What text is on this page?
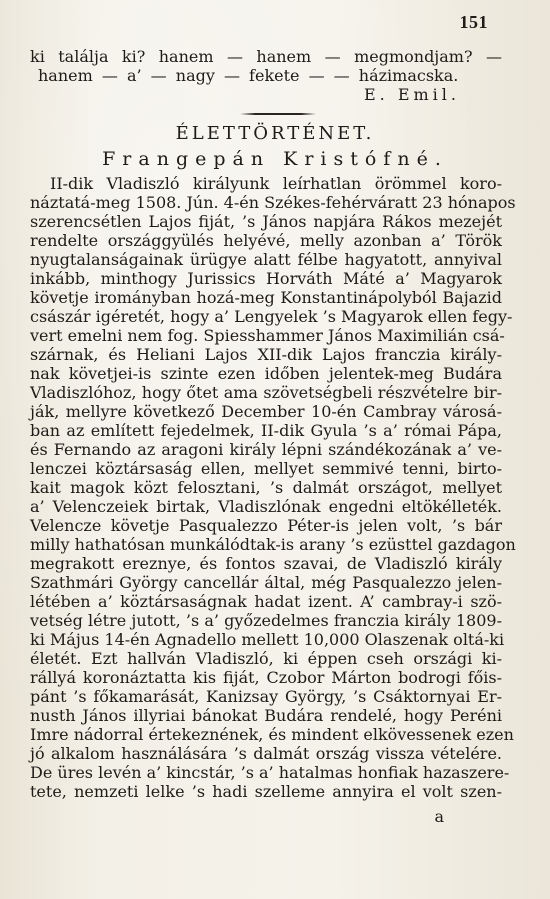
151
ki találja ki? hanem — hanem — megmondjam? —
hanem — a’ — nagy — fekete — — házimacska.
E. Emil.
ÉLETTÖRTÉNET.
Frangepán Kristófné.
II-dik Vladiszló királyunk leírhatlan örömmel koro-
náztatá-meg 1508. Jún. 4-én Székes-fehérváratt 23 hónapos
szerencsétlen Lajos fiját, ’s János napjára Rákos mezejét
rendelte országgyülés helyévé, melly azonban a’ Török
nyugtalanságainak ürügye alatt félbe hagyatott, annyival
inkább, minthogy Jurissics Horváth Máté a’ Magyarok
követje irományban hozá-meg Konstantinápolyból Bajazid
császár igéretét, hogy a’ Lengyelek ’s Magyarok ellen fegy-
vert emelni nem fog. Spiesshammer János Maximilián csá-
szárnak, és Heliani Lajos XII-dik Lajos franczia király-
nak követjei-is szinte ezen időben jelentek-meg Budára
Vladiszlóhoz, hogy őtet ama szövetségbeli részvételre bir-
ják, mellyre következő December 10-én Cambray városá-
ban az említett fejedelmek, II-dik Gyula ’s a’ római Pápa,
és Fernando az aragoni király lépni szándékozának a’ ve-
lenczei köztársaság ellen, mellyet semmivé tenni, birto-
kait magok közt felosztani, ’s dalmát országot, mellyet
a’ Velenczeiek birtak, Vladiszlónak engedni eltökélleték.
Velencze követje Pasqualezzo Péter-is jelen volt, ’s bár
milly hathatósan munkálódtak-is arany ’s ezüsttel gazdagon
megrakott ereznye, és fontos szavai, de Vladiszló király
Szathmári György cancellár által, még Pasqualezzo jelen-
létében a’ köztársaságnak hadat izent. A’ cambray-i szö-
vetség létre jutott, ’s a’ győzedelmes franczia király 1809-
ki Május 14-én Agnadello mellett 10,000 Olaszenak oltá-ki
életét. Ezt hallván Vladiszló, ki éppen cseh országi ki-
rállyá koronáztatta kis fiját, Czobor Márton bodrogi főis-
pánt ’s főkamarását, Kanizsay György, ’s Csáktornyai Er-
nusth János illyriai bánokat Budára rendelé, hogy Peréni
Imre nádorral értekeznének, és mindent elkövessenek ezen
jó alkalom használására ’s dalmát ország vissza vételére.
De üres levén a’ kincstár, ’s a’ hatalmas honfiak hazaszere-
tete, nemzeti lelke ’s hadi szelleme annyira el volt szen-
a
